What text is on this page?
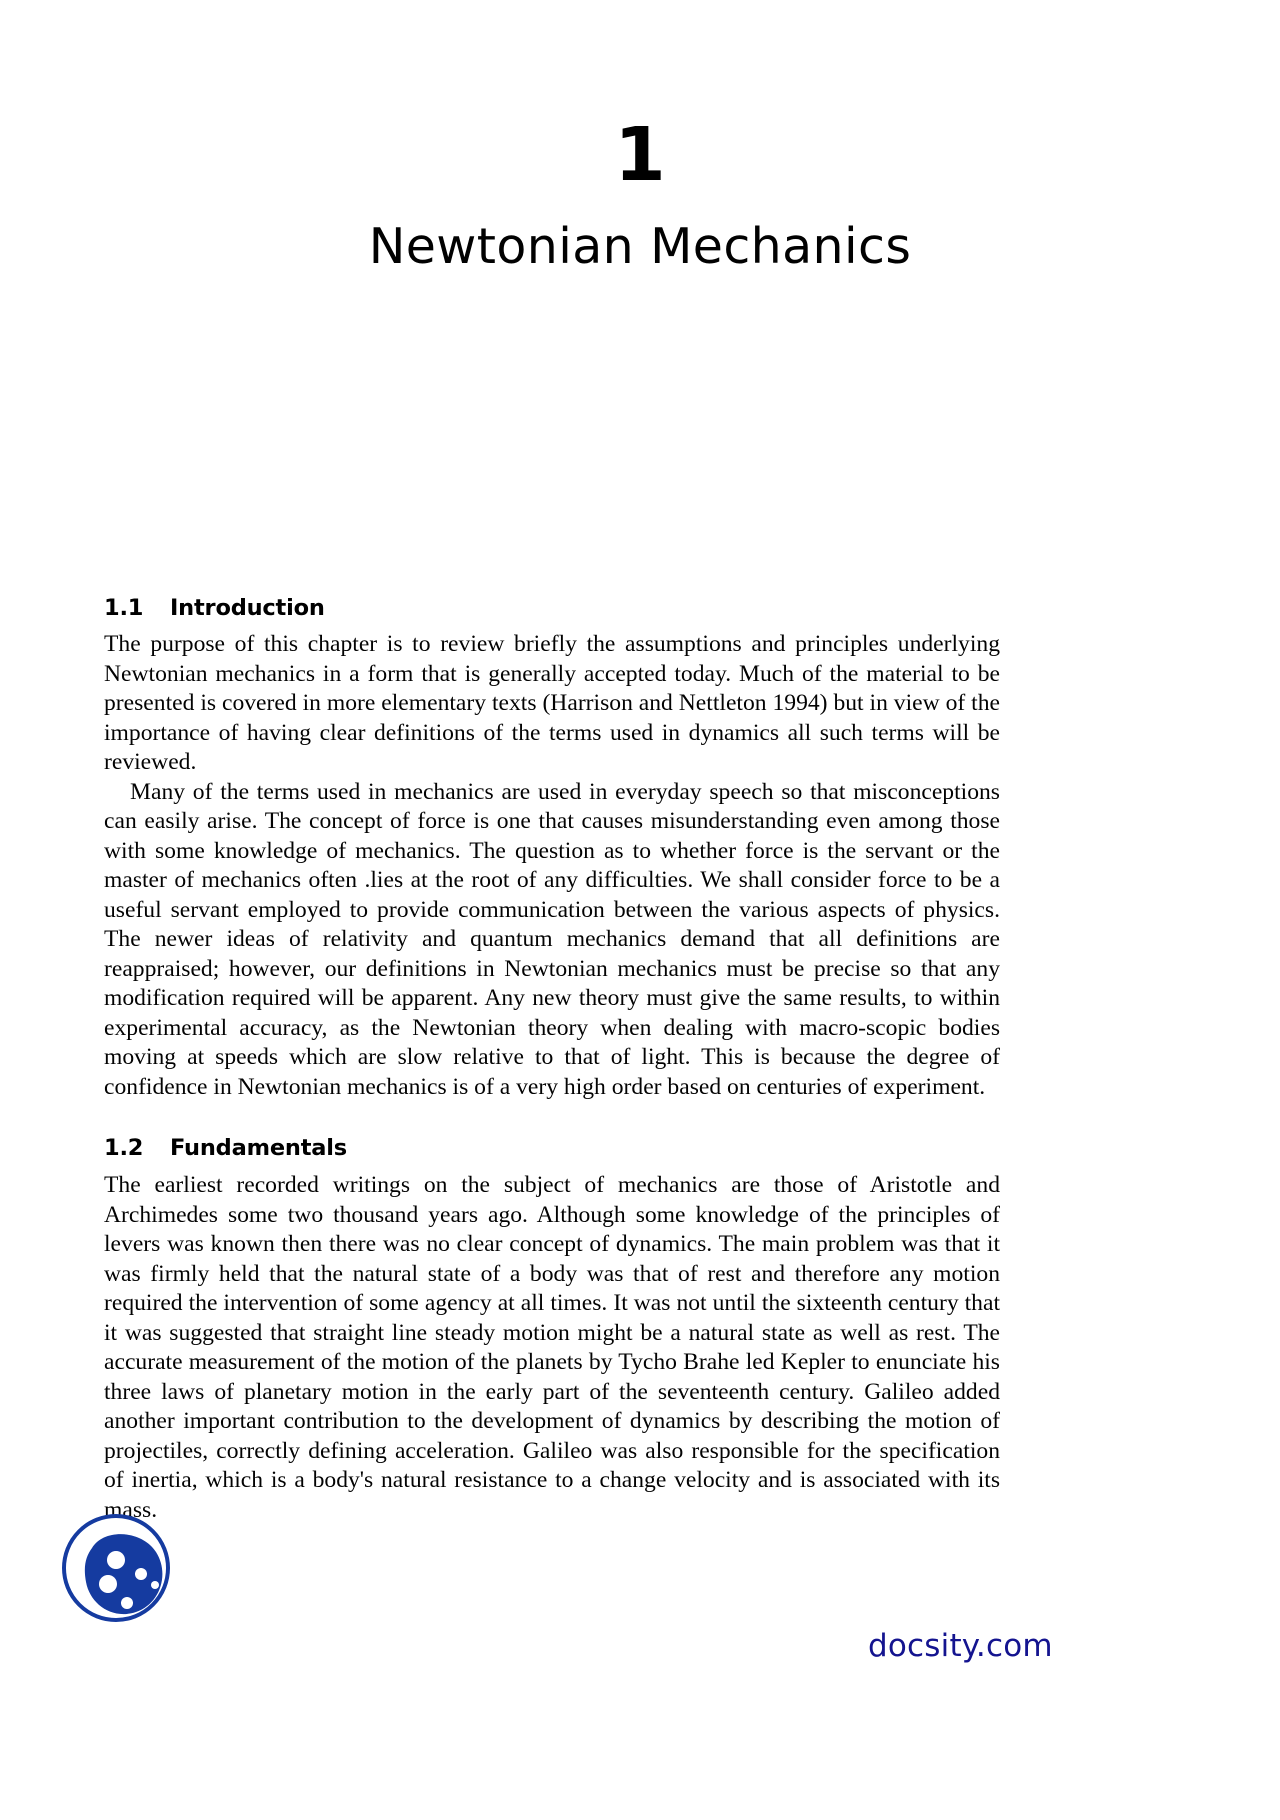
1
Newtonian Mechanics
1.1	Introduction

The purpose of this chapter is to review briefly the assumptions and principles underlying Newtonian mechanics in a form that is generally accepted today. Much of the material to be presented is covered in more elementary texts (Harrison and Nettleton 1994) but in view of the importance of having clear definitions of the terms used in dynamics all such terms will be reviewed.

Many of the terms used in mechanics are used in everyday speech so that misconceptions can easily arise. The concept of force is one that causes misunderstanding even among those with some knowledge of mechanics. The question as to whether force is the servant or the master of mechanics often .lies at the root of any difficulties. We shall consider force to be a useful servant employed to provide communication between the various aspects of physics. The newer ideas of relativity and quantum mechanics demand that all definitions are reappraised; however, our definitions in Newtonian mechanics must be precise so that any modification required will be apparent. Any new theory must give the same results, to within experimental accuracy, as the Newtonian theory when dealing with macro-scopic bodies moving at speeds which are slow relative to that of light. This is because the degree of confidence in Newtonian mechanics is of a very high order based on centuries of experiment.

1.2	Fundamentals

The earliest recorded writings on the subject of mechanics are those of Aristotle and Archimedes some two thousand years ago. Although some knowledge of the principles of levers was known then there was no clear concept of dynamics. The main problem was that it was firmly held that the natural state of a body was that of rest and therefore any motion required the intervention of some agency at all times. It was not until the sixteenth century that it was suggested that straight line steady motion might be a natural state as well as rest. The accurate measurement of the motion of the planets by Tycho Brahe led Kepler to enunciate his three laws of planetary motion in the early part of the seventeenth century. Galileo added another important contribution to the development of dynamics by describing the motion of projectiles, correctly defining acceleration. Galileo was also responsible for the specification of inertia, which is a body's natural resistance to a change velocity and is associated with its mass.

docsity.com
